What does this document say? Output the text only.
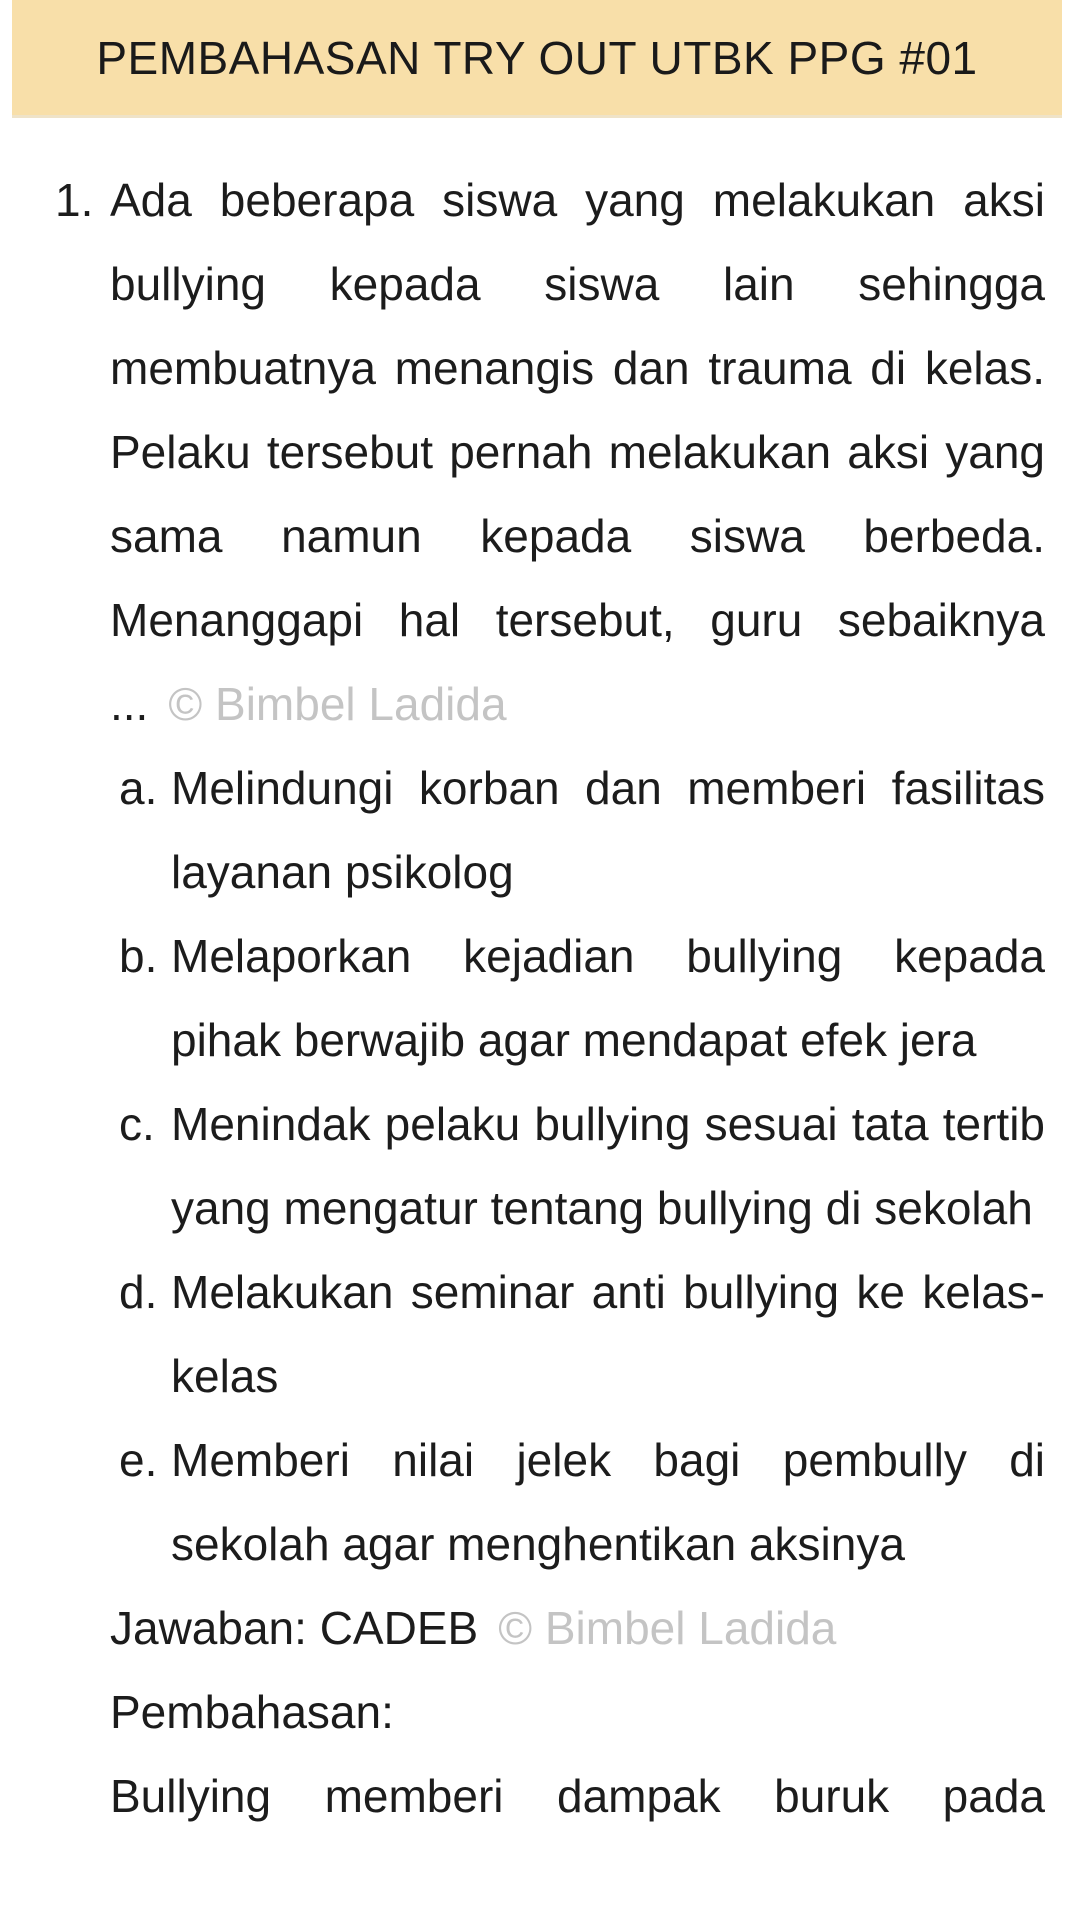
PEMBAHASAN TRY OUT UTBK PPG #01
1. Ada beberapa siswa yang melakukan aksi bullying kepada siswa lain sehingga membuatnya menangis dan trauma di kelas. Pelaku tersebut pernah melakukan aksi yang sama namun kepada siswa berbeda. Menanggapi hal tersebut, guru sebaiknya ... © Bimbel Ladida
a. Melindungi korban dan memberi fasilitas layanan psikolog
b. Melaporkan kejadian bullying kepada pihak berwajib agar mendapat efek jera
c. Menindak pelaku bullying sesuai tata tertib yang mengatur tentang bullying di sekolah
d. Melakukan seminar anti bullying ke kelas-kelas
e. Memberi nilai jelek bagi pembully di sekolah agar menghentikan aksinya
Jawaban: CADEB © Bimbel Ladida
Pembahasan:
Bullying memberi dampak buruk pada
